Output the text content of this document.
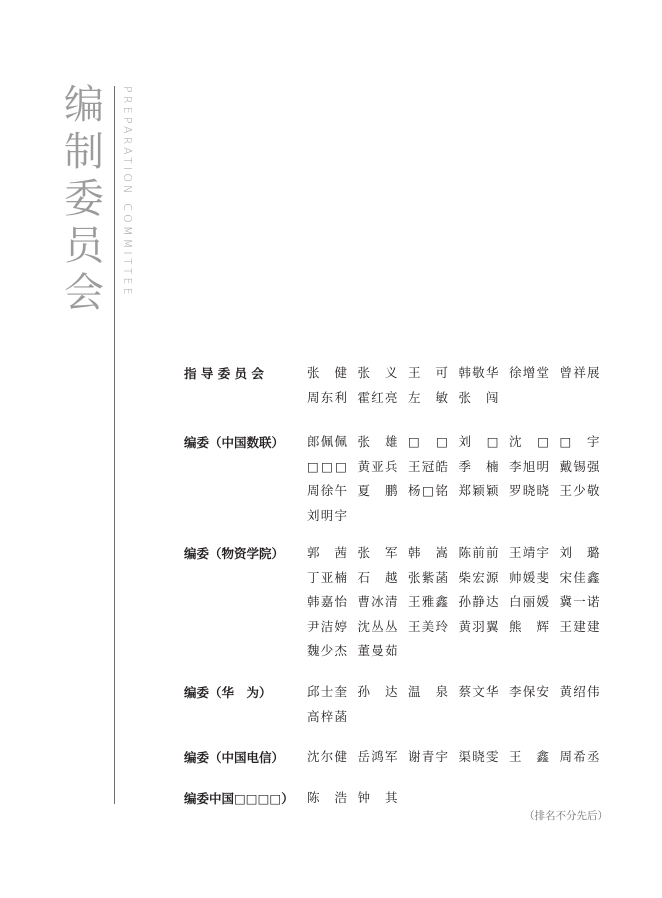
编
制
委
员
会	PREPARATION COMMITTEE
指 导 委 员 会	张　健 张　义 王　可 韩敬华 徐增堂 曾祥展
周东利 霍红亮 左　敏 张　闯
编委（中国数联） 郎佩佩 张　雄 □　□ 刘　□ 沈　□ □　宇
□□□ 黄亚兵 王冠皓 季　楠 李旭明 戴锡强
周徐午 夏　鹏 杨□铭 郑颖颖 罗晓晓 王少敬
刘明宇
编委（物资学院） 郭　茜 张　军 韩　嵩 陈前前 王靖宇 刘　璐
丁亚楠 石　越 张紫菡 柴宏源 帅媛斐 宋佳鑫
韩嘉怡 曹冰清 王雅鑫 孙静达 白丽媛 冀一诺
尹洁婷 沈丛丛 王美玲 黄羽翼 熊　辉 王建建
魏少杰 董曼茹
编委（华　为）	邱士奎 孙　达 温　泉 蔡文华 李保安 黄绍伟
高梓菡
编委（中国电信） 沈尔健 岳鸿军 谢青宇 渠晓雯 王　鑫 周希丞
编委中国□□□□） 陈　浩 钟　其
（排名不分先后）
